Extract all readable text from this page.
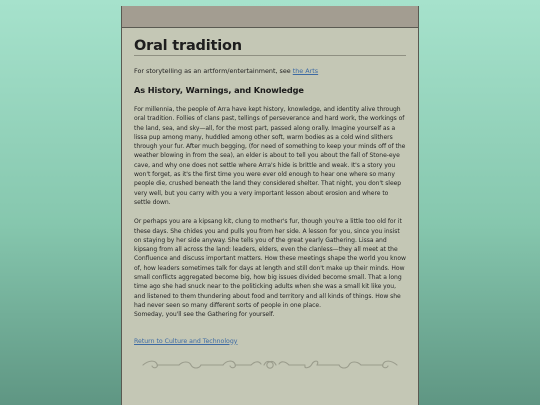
Oral tradition

For storytelling as an artform/entertainment, see the Arts

As History, Warnings, and Knowledge

For millennia, the people of Arra have kept history, knowledge, and identity alive through oral tradition. Follies of clans past, tellings of perseverance and hard work, the workings of the land, sea, and sky—all, for the most part, passed along orally. Imagine yourself as a lissa pup among many, huddled among other soft, warm bodies as a cold wind slithers through your fur. After much begging, (for need of something to keep your minds off of the weather blowing in from the sea), an elder is about to tell you about the fall of Stone-eye cave, and why one does not settle where Arra's hide is brittle and weak. It's a story you won't forget, as it's the first time you were ever old enough to hear one where so many people die, crushed beneath the land they considered shelter. That night, you don't sleep very well, but you carry with you a very important lesson about erosion and where to settle down.

Or perhaps you are a kipsang kit, clung to mother's fur, though you're a little too old for it these days. She chides you and pulls you from her side. A lesson for you, since you insist on staying by her side anyway. She tells you of the great yearly Gathering. Lissa and kipsang from all across the land: leaders, elders, even the clanless—they all meet at the Confluence and discuss important matters. How these meetings shape the world you know of, how leaders sometimes talk for days at length and still don't make up their minds. How small conflicts aggregated become big, how big issues divided become small. That a long time ago she had snuck near to the politicking adults when she was a small kit like you, and listened to them thundering about food and territory and all kinds of things. How she had never seen so many different sorts of people in one place.
Someday, you'll see the Gathering for yourself.

Return to Culture and Technology
